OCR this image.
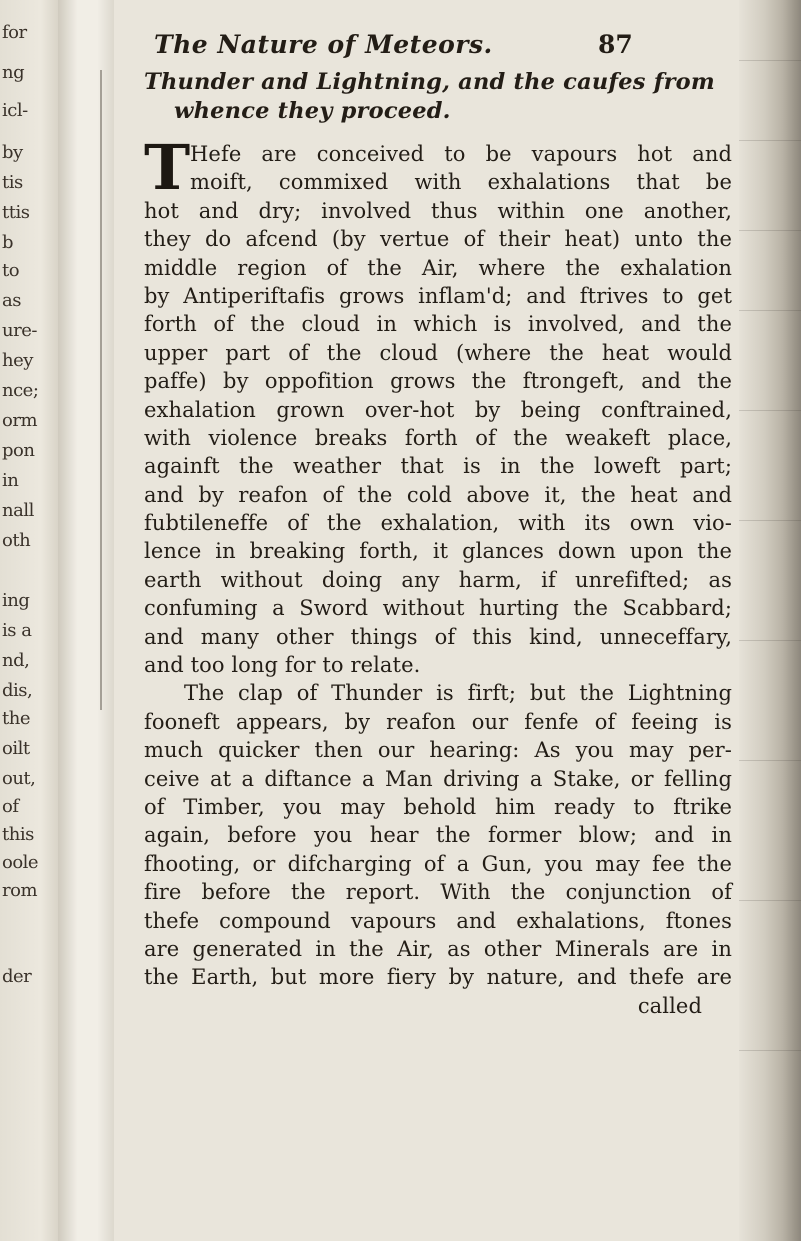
for
ng
icl-
by
tis
ttis
b
to
as
ure-
hey
nce;
orm
pon
in
nall
oth
ing
is a
nd,
dis,
the
oilt
out,
of
this
oole
rom
der
The Nature of Meteors.	87
Thunder and Lightning, and the caufes from
whence they proceed.
T Hefe are conceived to be vapours hot and
moift, commixed with exhalations that be
hot and dry; involved thus within one another,
they do afcend (by vertue of their heat) unto the
middle region of the Air, where the exhalation
by Antiperiftafis grows inflam'd; and ftrives to get
forth of the cloud in which is involved, and the
upper part of the cloud (where the heat would
paffe) by oppofition grows the ftrongeft, and the
exhalation grown over-hot by being conftrained,
with violence breaks forth of the weakeft place,
againft the weather that is in the loweft part;
and by reafon of the cold above it, the heat and
fubtileneffe of the exhalation, with its own vio-
lence in breaking forth, it glances down upon the
earth without doing any harm, if unrefifted; as
confuming a Sword without hurting the Scabbard;
and many other things of this kind, unneceffary,
and too long for to relate.
The clap of Thunder is firft; but the Lightning
fooneft appears, by reafon our fenfe of feeing is
much quicker then our hearing: As you may per-
ceive at a diftance a Man driving a Stake, or felling
of Timber, you may behold him ready to ftrike
again, before you hear the former blow; and in
fhooting, or difcharging of a Gun, you may fee the
fire before the report. With the conjunction of
thefe compound vapours and exhalations, ftones
are generated in the Air, as other Minerals are in
the Earth, but more fiery by nature, and thefe are
called
